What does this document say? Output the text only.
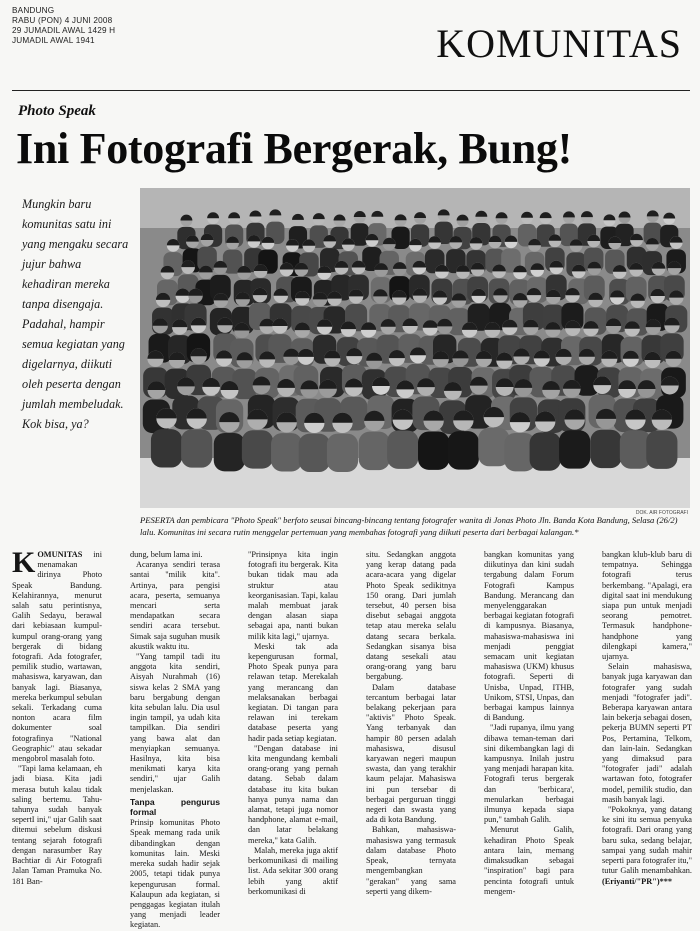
BANDUNG
RABU (PON) 4 JUNI 2008
29 JUMADIL AWAL 1429 H
JUMADIL AWAL 1941	KOMUNITAS
Photo Speak
Ini Fotografi Bergerak, Bung!
Mungkin baru komunitas satu ini yang mengaku secara jujur bahwa kehadiran mereka tanpa disengaja. Padahal, hampir semua kegiatan yang digelarnya, diikuti oleh peserta dengan jumlah membeludak. Kok bisa, ya?
DOK. AIR FOTOGRAFI
PESERTA dan pembicara "Photo Speak" berfoto seusai bincang-bincang tentang fotografer wanita di Jonas Photo Jln. Banda Kota Bandung, Selasa (26/2) lalu. Komunitas ini secara rutin menggelar pertemuan yang membahas fotografi yang diikuti peserta dari berbagai kalangan.*

KOMUNITAS ini menamakan dirinya Photo Speak Bandung. Kelahirannya, menurut salah satu perintisnya, Galih Sedayu, berawal dari kebiasaan kumpul-kumpul orang-orang yang bergerak di bidang fotografi. Ada fotografer, pemilik studio, wartawan, mahasiswa, karyawan, dan banyak lagi. Biasanya, mereka berkumpul sebulan sekali. Terkadang cuma nonton acara film dokumenter soal fotografinya "National Geographic" atau sekadar mengobrol masalah foto.

"Tapi lama kelamaan, eh jadi biasa. Kita jadi merasa butuh kalau tidak saling bertemu. Tahu-tahunya sudah banyak sepertI ini," ujar Galih saat ditemui sebelum diskusi tentang sejarah fotografi dengan narasumber Ray Bachtiar di Air Fotografi Jalan Taman Pramuka No. 181 Ban-

dung, belum lama ini.

Acaranya sendiri terasa santai "milik kita". Artinya, para pengisi acara, peserta, semuanya mencari serta mendapatkan secara sendiri acara tersebut. Simak saja suguhan musik akustik waktu itu.

"Yang tampil tadi itu anggota kita sendiri, Aisyah Nurahmah (16) siswa kelas 2 SMA yang baru bergabung dengan kita sebulan lalu. Dia usul ingin tampil, ya udah kita tampilkan. Dia sendiri yang bawa alat dan menyiapkan semuanya. Hasilnya, kita bisa menikmati karya kita sendiri," ujar Galih menjelaskan.

Tanpa pengurus formal

Prinsip komunitas Photo Speak memang rada unik dibandingkan dengan komunitas lain. Meski mereka sudah hadir sejak 2005, tetapi tidak punya kepengurusan formal. Kalaupun ada kegiatan, si penggagas kegiatan itulah yang menjadi leader kegiatan.

"Prinsipnya kita ingin fotografi itu bergerak. Kita bukan tidak mau ada struktur atau keorganisasian. Tapi, kalau malah membuat jarak dengan alasan siapa sebagai apa, nanti bukan milik kita lagi," ujarnya.

Meski tak ada kepengurusan formal, Photo Speak punya para relawan tetap. Merekalah yang merancang dan melaksanakan berbagai kegiatan. Di tangan para relawan ini terekam database peserta yang hadir pada setiap kegiatan.

"Dengan database ini kita mengundang kembali orang-orang yang pernah datang. Sebab dalam database itu kita bukan hanya punya nama dan alamat, tetapi juga nomor handphone, alamat e-mail, dan latar belakang mereka," kata Galih.

Malah, mereka juga aktif berkomunikasi di mailing list. Ada sekitar 300 orang lebih yang aktif berkomunikasi di

situ. Sedangkan anggota yang kerap datang pada acara-acara yang digelar Photo Speak sedikitnya 150 orang. Dari jumlah tersebut, 40 persen bisa disebut sebagai anggota tetap atau mereka selalu datang secara berkala. Sedangkan sisanya bisa datang sesekali atau orang-orang yang baru bergabung.

Dalam database tercantum berbagai latar belakang pekerjaan para "aktivis" Photo Speak. Yang terbanyak dan hampir 80 persen adalah mahasiswa, disusul karyawan negeri maupun swasta, dan yang terakhir kaum pelajar. Mahasiswa ini pun tersebar di berbagai perguruan tinggi negeri dan swasta yang ada di kota Bandung.

Bahkan, mahasiswa-mahasiswa yang termasuk dalam database Photo Speak, ternyata mengembangkan "gerakan" yang sama seperti yang dikem-

bangkan komunitas yang diikutinya dan kini sudah tergabung dalam Forum Fotografi Kampus Bandung. Merancang dan menyelenggarakan berbagai kegiatan fotografi di kampusnya. Biasanya, mahasiswa-mahasiswa ini menjadi penggiat semacam unit kegiatan mahasiswa (UKM) khusus fotografi. Seperti di Unisba, Unpad, ITHB, Unikom, STSI, Unpas, dan berbagai kampus lainnya di Bandung.

"Jadi rupanya, ilmu yang dibawa teman-teman dari sini dikembangkan lagi di kampusnya. Inilah justru yang menjadi harapan kita. Fotografi terus bergerak dan 'berbicara', menularkan berbagai ilmunya kepada siapa pun," tambah Galih.

Menurut Galih, kehadiran Photo Speak antara lain, memang dimaksudkan sebagai "inspiration" bagi para pencinta fotografi untuk mengem-

bangkan klub-klub baru di tempatnya. Sehingga fotografi terus berkembang. "Apalagi, era digital saat ini mendukung siapa pun untuk menjadi seorang pemotret. Termasuk handphone-handphone yang dilengkapi kamera," ujarnya.

Selain mahasiswa, banyak juga karyawan dan fotografer yang sudah menjadi "fotografer jadi". Beberapa karyawan antara lain bekerja sebagai dosen, pekerja BUMN seperti PT Pos, Pertamina, Telkom, dan lain-lain. Sedangkan yang dimaksud para "fotografer jadi" adalah wartawan foto, fotografer model, pemilik studio, dan masih banyak lagi.

"Pokoknya, yang datang ke sini itu semua penyuka fotografi. Dari orang yang baru suka, sedang belajar, sampai yang sudah mahir seperti para fotografer itu," tutur Galih menambahkan. (Eriyanti/"PR")***
